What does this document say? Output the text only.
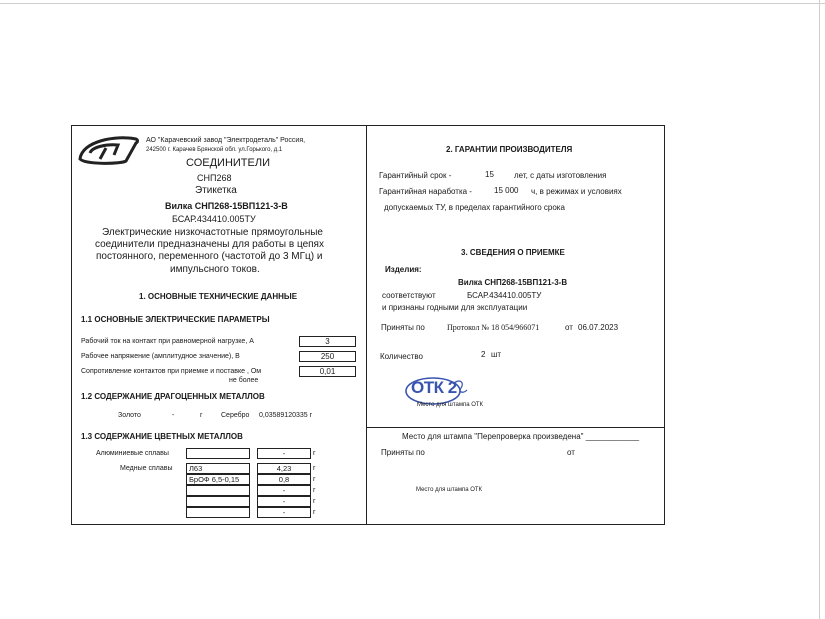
АО "Карачевский завод "Электродеталь" Россия,
242500 г. Карачев Брянской обл. ул.Горького, д.1
СОЕДИНИТЕЛИ
СНП268
Этикетка
Вилка СНП268-15ВП121-3-В
БСАР.434410.005ТУ
Электрические низкочастотные прямоугольные
соединители предназначены для работы в цепях
постоянного, переменного (частотой до 3 МГц) и
импульсного токов.
1. ОСНОВНЫЕ ТЕХНИЧЕСКИЕ ДАННЫЕ
1.1 ОСНОВНЫЕ ЭЛЕКТРИЧЕСКИЕ ПАРАМЕТРЫ
Рабочий ток на контакт при равномерной нагрузке, А	3
Рабочее напряжение (амплитудное значение), В	250
Сопротивление контактов при приемке и поставке , Ом
не более
0,01
1.2 СОДЕРЖАНИЕ ДРАГОЦЕННЫХ МЕТАЛЛОВ
Золото	-	г	Серебро 0,03589120335 г
1.3 СОДЕРЖАНИЕ ЦВЕТНЫХ МЕТАЛЛОВ
Алюминиевые сплавы	-	г
Медные сплавы	Л63	4,23	г
БрОФ 6,5-0,15	0,8	г
-	г
-	г
-	г
2. ГАРАНТИИ ПРОИЗВОДИТЕЛЯ
Гарантийный срок -	15	лет, с даты изготовления
Гарантийная наработка -	15 000 ч, в режимах и условиях
допускаемых ТУ, в пределах гарантийного срока
3. СВЕДЕНИЯ О ПРИЕМКЕ
Изделия:
Вилка СНП268-15ВП121-3-В
соответствуют	БСАР.434410.005ТУ
и признаны годными для эксплуатации
Приняты по	Протокол № 18 054/966071	от 06.07.2023
Количество	2 шт
ОТК 2
Место для штампа ОТК
Место для штампа "Перепроверка произведена" ____________
Приняты по	от
Место для штампа ОТК
